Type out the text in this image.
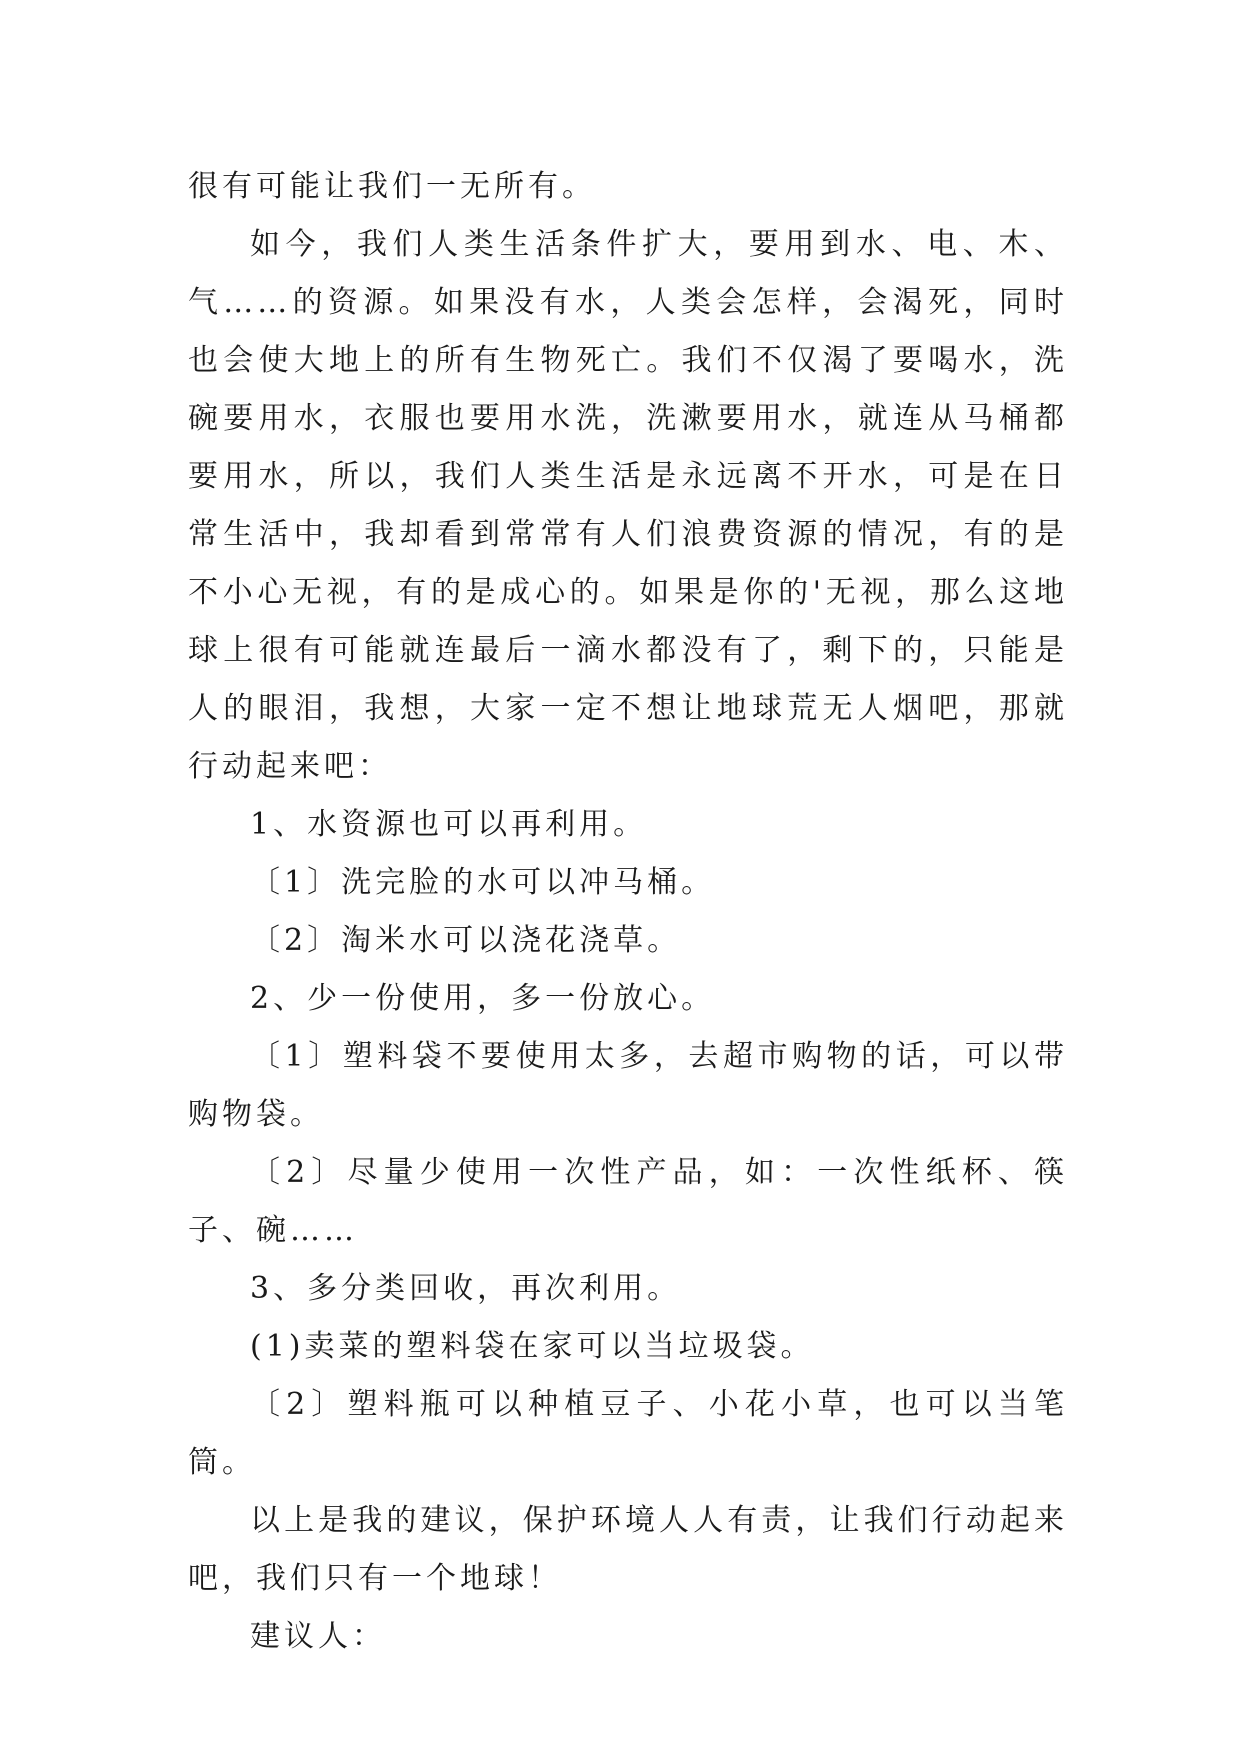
很有可能让我们一无所有。

如今，我们人类生活条件扩大，要用到水、电、木、气……的资源。如果没有水，人类会怎样，会渴死，同时也会使大地上的所有生物死亡。我们不仅渴了要喝水，洗碗要用水，衣服也要用水洗，洗漱要用水，就连从马桶都要用水，所以，我们人类生活是永远离不开水，可是在日常生活中，我却看到常常有人们浪费资源的情况，有的是不小心无视，有的是成心的。如果是你的'无视，那么这地球上很有可能就连最后一滴水都没有了，剩下的，只能是人的眼泪，我想，大家一定不想让地球荒无人烟吧，那就行动起来吧：

1、水资源也可以再利用。

〔1〕洗完脸的水可以冲马桶。

〔2〕淘米水可以浇花浇草。

2、少一份使用，多一份放心。

〔1〕塑料袋不要使用太多，去超市购物的话，可以带购物袋。

〔2〕尽量少使用一次性产品，如：一次性纸杯、筷子、碗……

3、多分类回收，再次利用。

(1)卖菜的塑料袋在家可以当垃圾袋。

〔2〕塑料瓶可以种植豆子、小花小草，也可以当笔筒。

以上是我的建议，保护环境人人有责，让我们行动起来吧，我们只有一个地球！

建议人：
